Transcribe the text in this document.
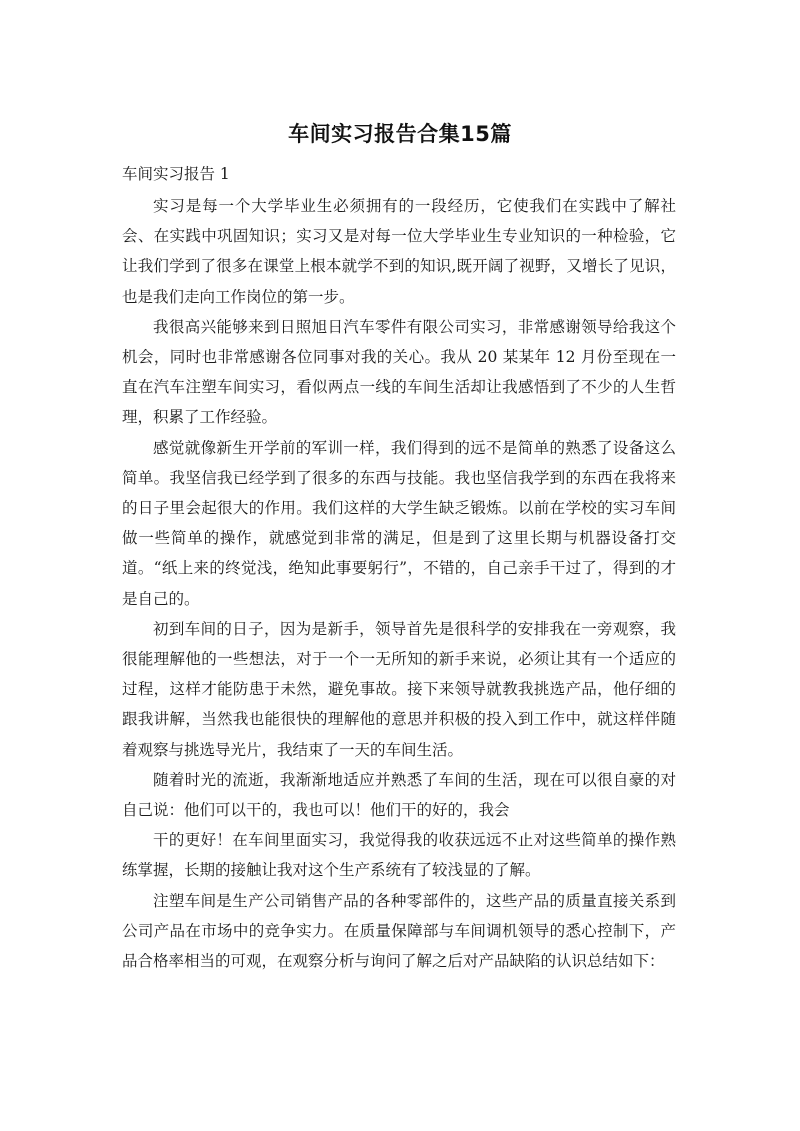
车间实习报告合集15篇

车间实习报告 1

实习是每一个大学毕业生必须拥有的一段经历，它使我们在实践中了解社会、在实践中巩固知识；实习又是对每一位大学毕业生专业知识的一种检验，它让我们学到了很多在课堂上根本就学不到的知识,既开阔了视野，又增长了见识，也是我们走向工作岗位的第一步。

我很高兴能够来到日照旭日汽车零件有限公司实习，非常感谢领导给我这个机会，同时也非常感谢各位同事对我的关心。我从 20 某某年 12 月份至现在一直在汽车注塑车间实习，看似两点一线的车间生活却让我感悟到了不少的人生哲理，积累了工作经验。

感觉就像新生开学前的军训一样，我们得到的远不是简单的熟悉了设备这么简单。我坚信我已经学到了很多的东西与技能。我也坚信我学到的东西在我将来的日子里会起很大的作用。我们这样的大学生缺乏锻炼。以前在学校的实习车间做一些简单的操作，就感觉到非常的满足，但是到了这里长期与机器设备打交道。“纸上来的终觉浅，绝知此事要躬行”，不错的，自己亲手干过了，得到的才是自己的。

初到车间的日子，因为是新手，领导首先是很科学的安排我在一旁观察，我很能理解他的一些想法，对于一个一无所知的新手来说，必须让其有一个适应的过程，这样才能防患于未然，避免事故。接下来领导就教我挑选产品，他仔细的跟我讲解，当然我也能很快的理解他的意思并积极的投入到工作中，就这样伴随着观察与挑选导光片，我结束了一天的车间生活。

随着时光的流逝，我渐渐地适应并熟悉了车间的生活，现在可以很自豪的对自己说：他们可以干的，我也可以！他们干的好的，我会

干的更好！在车间里面实习，我觉得我的收获远远不止对这些简单的操作熟练掌握，长期的接触让我对这个生产系统有了较浅显的了解。

注塑车间是生产公司销售产品的各种零部件的，这些产品的质量直接关系到公司产品在市场中的竞争实力。在质量保障部与车间调机领导的悉心控制下，产品合格率相当的可观，在观察分析与询问了解之后对产品缺陷的认识总结如下：
